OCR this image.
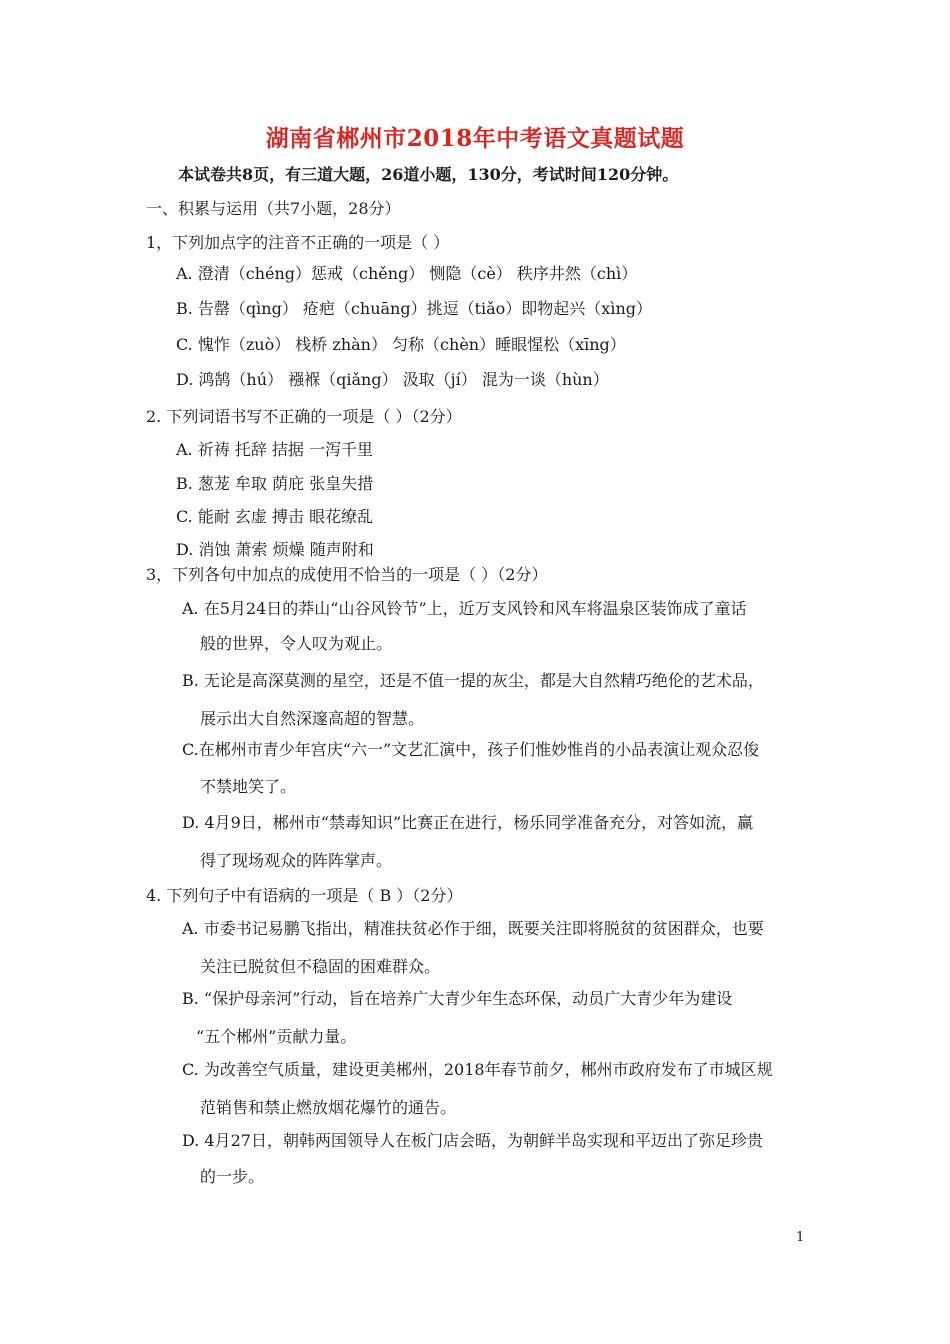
湖南省郴州市2018年中考语文真题试题
本试卷共8页，有三道大题，26道小题，130分，考试时间120分钟。
一、积累与运用（共7小题，28分）
1，下列加点字的注音不正确的一项是（ ）
A. 澄清（chéng）惩戒（chěng） 恻隐（cè） 秩序井然（chì）
B. 告罄（qìng） 疮疤（chuāng）挑逗（tiǎo）即物起兴（xìng）
C. 愧怍（zuò） 栈桥 zhàn） 匀称（chèn）睡眼惺松（xīng）
D. 鸿鹄（hú） 襁褓（qiǎng） 汲取（jí） 混为一谈（hùn）
2. 下列词语书写不正确的一项是（ ）（2分）
A. 祈祷 托辞 拮据 一泻千里
B. 葱茏 牟取 荫庇 张皇失措
C. 能耐 玄虚 搏击 眼花缭乱
D. 消蚀 萧索 烦燥 随声附和
3，下列各句中加点的成使用不恰当的一项是（ ）（2分）
A. 在5月24日的莽山“山谷风铃节”上，近万支风铃和风车将温泉区装饰成了童话
般的世界，令人叹为观止。
B. 无论是高深莫测的星空，还是不值一提的灰尘，都是大自然精巧绝伦的艺术品，
展示出大自然深邃高超的智慧。
C.在郴州市青少年宫庆“六一”文艺汇演中，孩子们惟妙惟肖的小品表演让观众忍俊
不禁地笑了。
D. 4月9日，郴州市“禁毒知识”比赛正在进行，杨乐同学准备充分，对答如流，赢
得了现场观众的阵阵掌声。
4. 下列句子中有语病的一项是（ B ）（2分）
A. 市委书记易鹏飞指出，精准扶贫必作于细，既要关注即将脱贫的贫困群众，也要
关注已脱贫但不稳固的困难群众。
B. “保护母亲河”行动，旨在培养广大青少年生态环保，动员广大青少年为建设
“五个郴州”贡献力量。
C. 为改善空气质量，建设更美郴州，2018年春节前夕，郴州市政府发布了市城区规
范销售和禁止燃放烟花爆竹的通告。
D. 4月27日，朝韩两国领导人在板门店会晤，为朝鲜半岛实现和平迈出了弥足珍贵
的一步。
1
